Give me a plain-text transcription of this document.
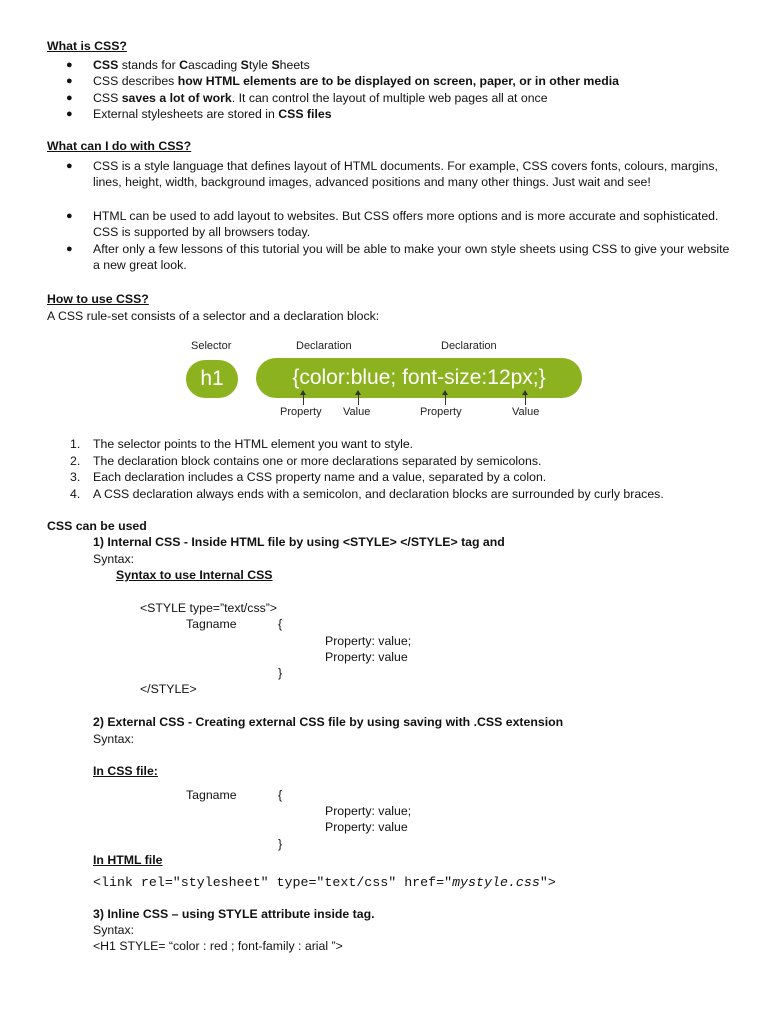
What is CSS?
● CSS stands for Cascading Style Sheets
● CSS describes how HTML elements are to be displayed on screen, paper, or in other media
● CSS saves a lot of work. It can control the layout of multiple web pages all at once
● External stylesheets are stored in CSS files
What can I do with CSS?
● CSS is a style language that defines layout of HTML documents. For example, CSS covers fonts, colours, margins, lines, height, width, background images, advanced positions and many other things. Just wait and see!
● HTML can be used to add layout to websites. But CSS offers more options and is more accurate and sophisticated. CSS is supported by all browsers today.
● After only a few lessons of this tutorial you will be able to make your own style sheets using CSS to give your website a new great look.
How to use CSS?
A CSS rule-set consists of a selector and a declaration block:
Selector	Declaration	Declaration
h1	{color:blue; font-size:12px;}
Property Value	Property	Value
1. The selector points to the HTML element you want to style.
2. The declaration block contains one or more declarations separated by semicolons.
3. Each declaration includes a CSS property name and a value, separated by a colon.
4. A CSS declaration always ends with a semicolon, and declaration blocks are surrounded by curly braces.
CSS can be used
1) Internal CSS - Inside HTML file by using <STYLE> </STYLE> tag and
Syntax:
Syntax to use Internal CSS
<STYLE type=”text/css”>
Tagname	{
Property: value;
Property: value
}
</STYLE>
2) External CSS - Creating external CSS file by using saving with .CSS extension
Syntax:
In CSS file:
Tagname	{
Property: value;
Property: value
}
In HTML file
<link rel="stylesheet" type="text/css" href="mystyle.css">
3) Inline CSS – using STYLE attribute inside tag.
Syntax:
<H1 STYLE= “color : red ; font-family : arial ”>
